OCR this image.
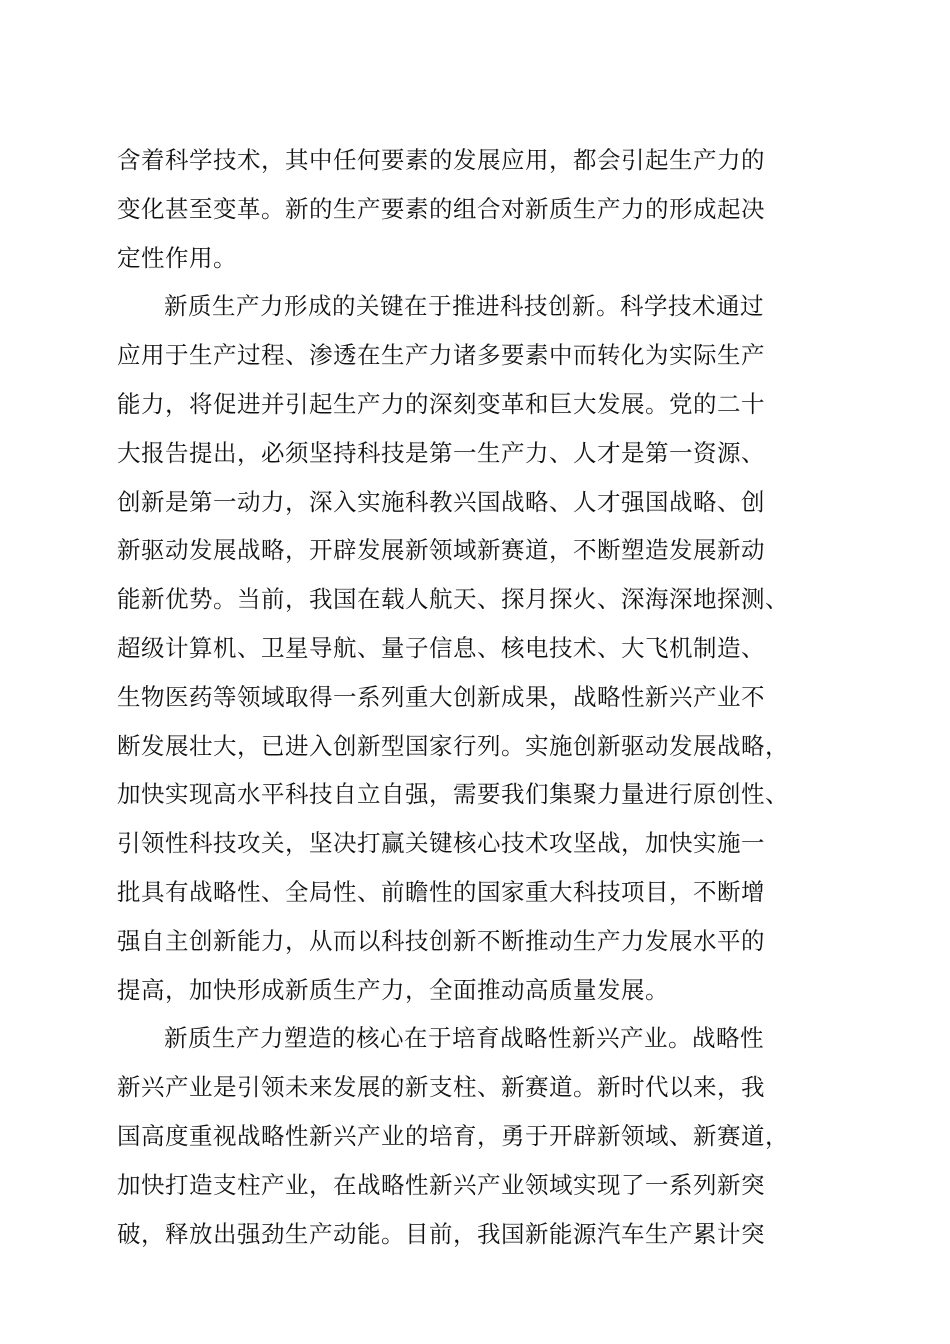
含着科学技术，其中任何要素的发展应用，都会引起生产力的
变化甚至变革。新的生产要素的组合对新质生产力的形成起决
定性作用。
新质生产力形成的关键在于推进科技创新。科学技术通过
应用于生产过程、渗透在生产力诸多要素中而转化为实际生产
能力，将促进并引起生产力的深刻变革和巨大发展。党的二十
大报告提出，必须坚持科技是第一生产力、人才是第一资源、
创新是第一动力，深入实施科教兴国战略、人才强国战略、创
新驱动发展战略，开辟发展新领域新赛道，不断塑造发展新动
能新优势。当前，我国在载人航天、探月探火、深海深地探测、
超级计算机、卫星导航、量子信息、核电技术、大飞机制造、
生物医药等领域取得一系列重大创新成果，战略性新兴产业不
断发展壮大，已进入创新型国家行列。实施创新驱动发展战略，
加快实现高水平科技自立自强，需要我们集聚力量进行原创性、
引领性科技攻关，坚决打赢关键核心技术攻坚战，加快实施一
批具有战略性、全局性、前瞻性的国家重大科技项目，不断增
强自主创新能力，从而以科技创新不断推动生产力发展水平的
提高，加快形成新质生产力，全面推动高质量发展。
新质生产力塑造的核心在于培育战略性新兴产业。战略性
新兴产业是引领未来发展的新支柱、新赛道。新时代以来，我
国高度重视战略性新兴产业的培育，勇于开辟新领域、新赛道，
加快打造支柱产业，在战略性新兴产业领域实现了一系列新突
破，释放出强劲生产动能。目前，我国新能源汽车生产累计突
